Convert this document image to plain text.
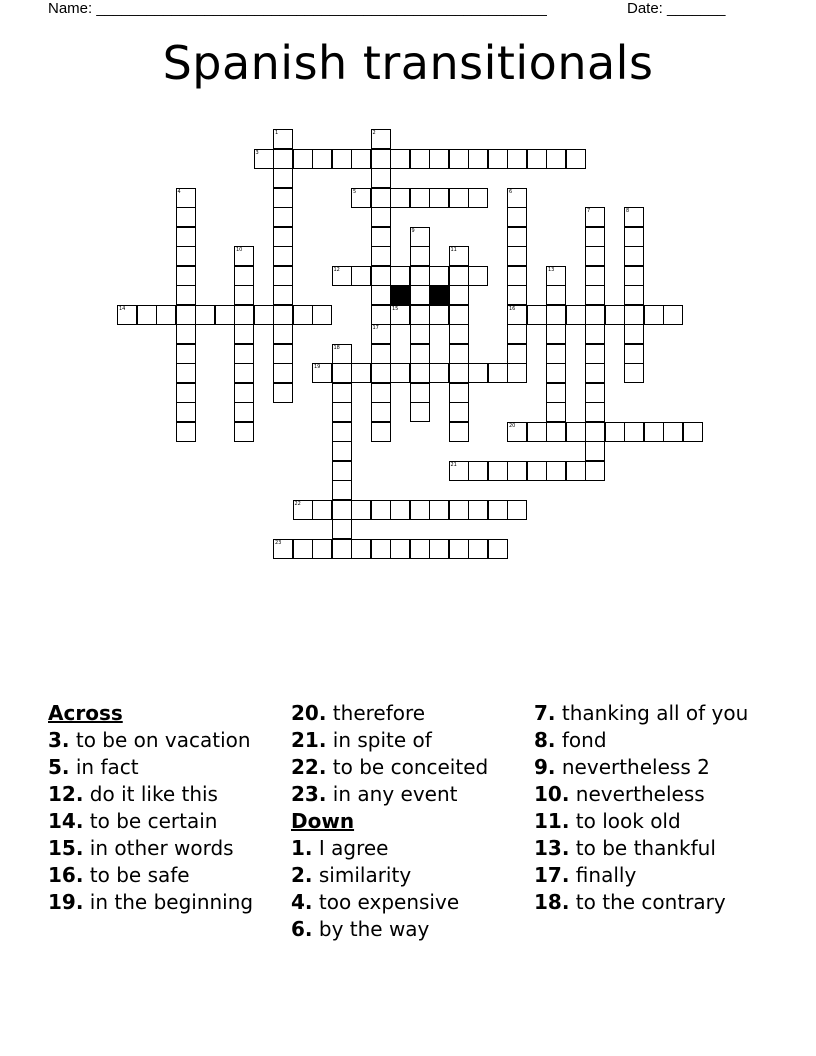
Name: ______________________________________________________	Date: _______
Spanish transitionals
1	2
17
3
4	5	6
16
7	8
9
10	11
12	13
14	15
18
19
20
21
22
23
Across
3. to be on vacation
5. in fact
12. do it like this
14. to be certain
15. in other words
16. to be safe
19. in the beginning
20. therefore
21. in spite of
22. to be conceited
23. in any event
Down
1. I agree
2. similarity
4. too expensive
6. by the way
7. thanking all of you
8. fond
9. nevertheless 2
10. nevertheless
11. to look old
13. to be thankful
17. finally
18. to the contrary
